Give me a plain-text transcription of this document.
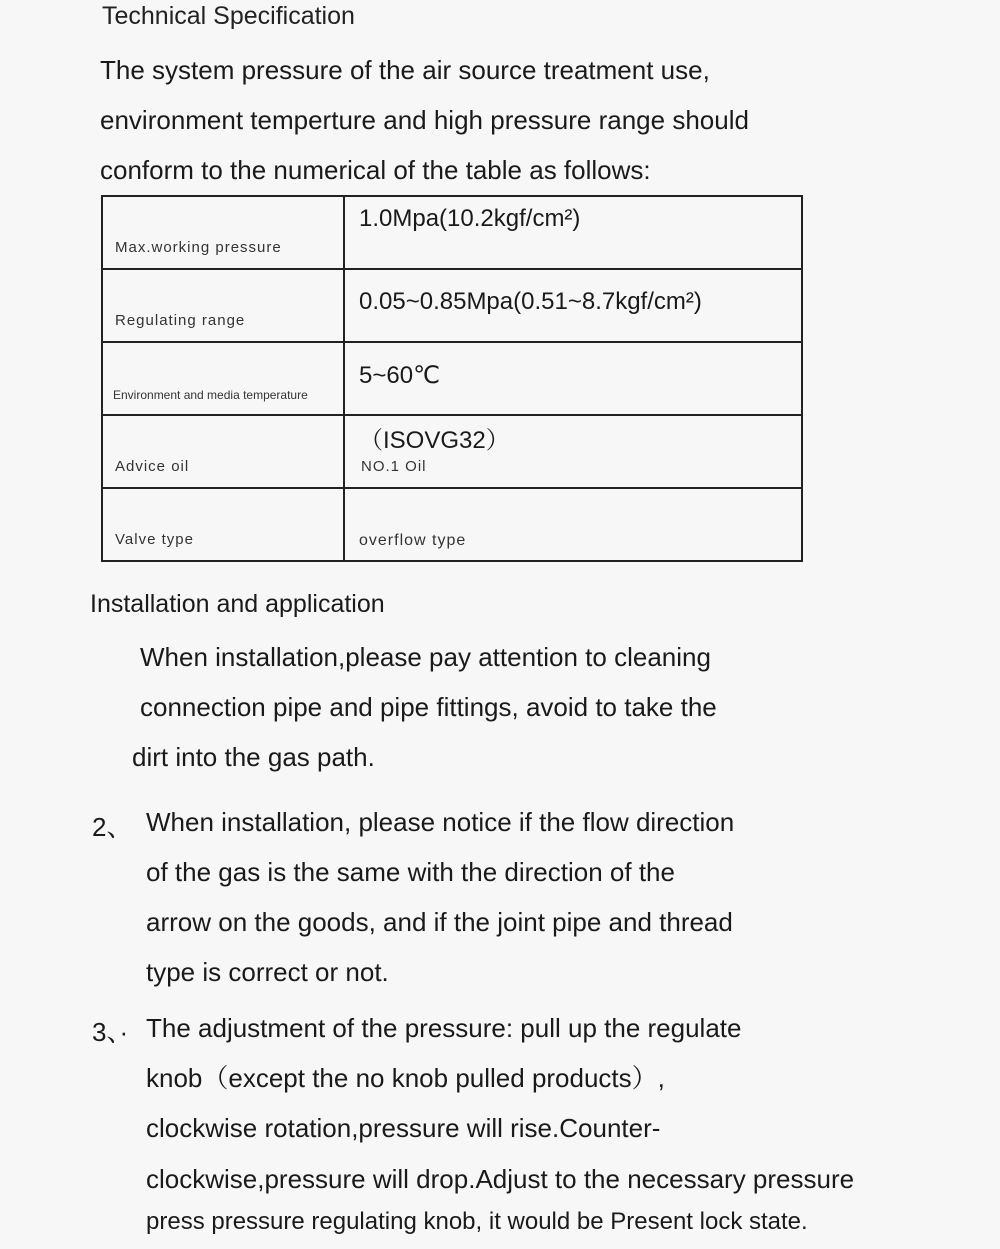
Technical Specification
The system pressure of the air source treatment use,
environment temperture and high pressure range should
conform to the numerical of the table as follows:
Max.working pressure	1.0Mpa(10.2kgf/cm²)

Regulating range	0.05~0.85Mpa(0.51~8.7kgf/cm²)

Environment and media temperature	5~60℃

Advice oil	（ISOVG32）
NO.1 Oil

Valve type	overflow type
Installation and application
When installation,please pay attention to cleaning
connection pipe and pipe fittings, avoid to take the
dirt into the gas path.
2、 When installation, please notice if the flow direction
of the gas is the same with the direction of the
arrow on the goods, and if the joint pipe and thread
type is correct or not.
3、· The adjustment of the pressure: pull up the regulate
knob（except the no knob pulled products）,
clockwise rotation,pressure will rise.Counter-
clockwise,pressure will drop.Adjust to the necessary pressure
press pressure regulating knob, it would be Present lock state.
